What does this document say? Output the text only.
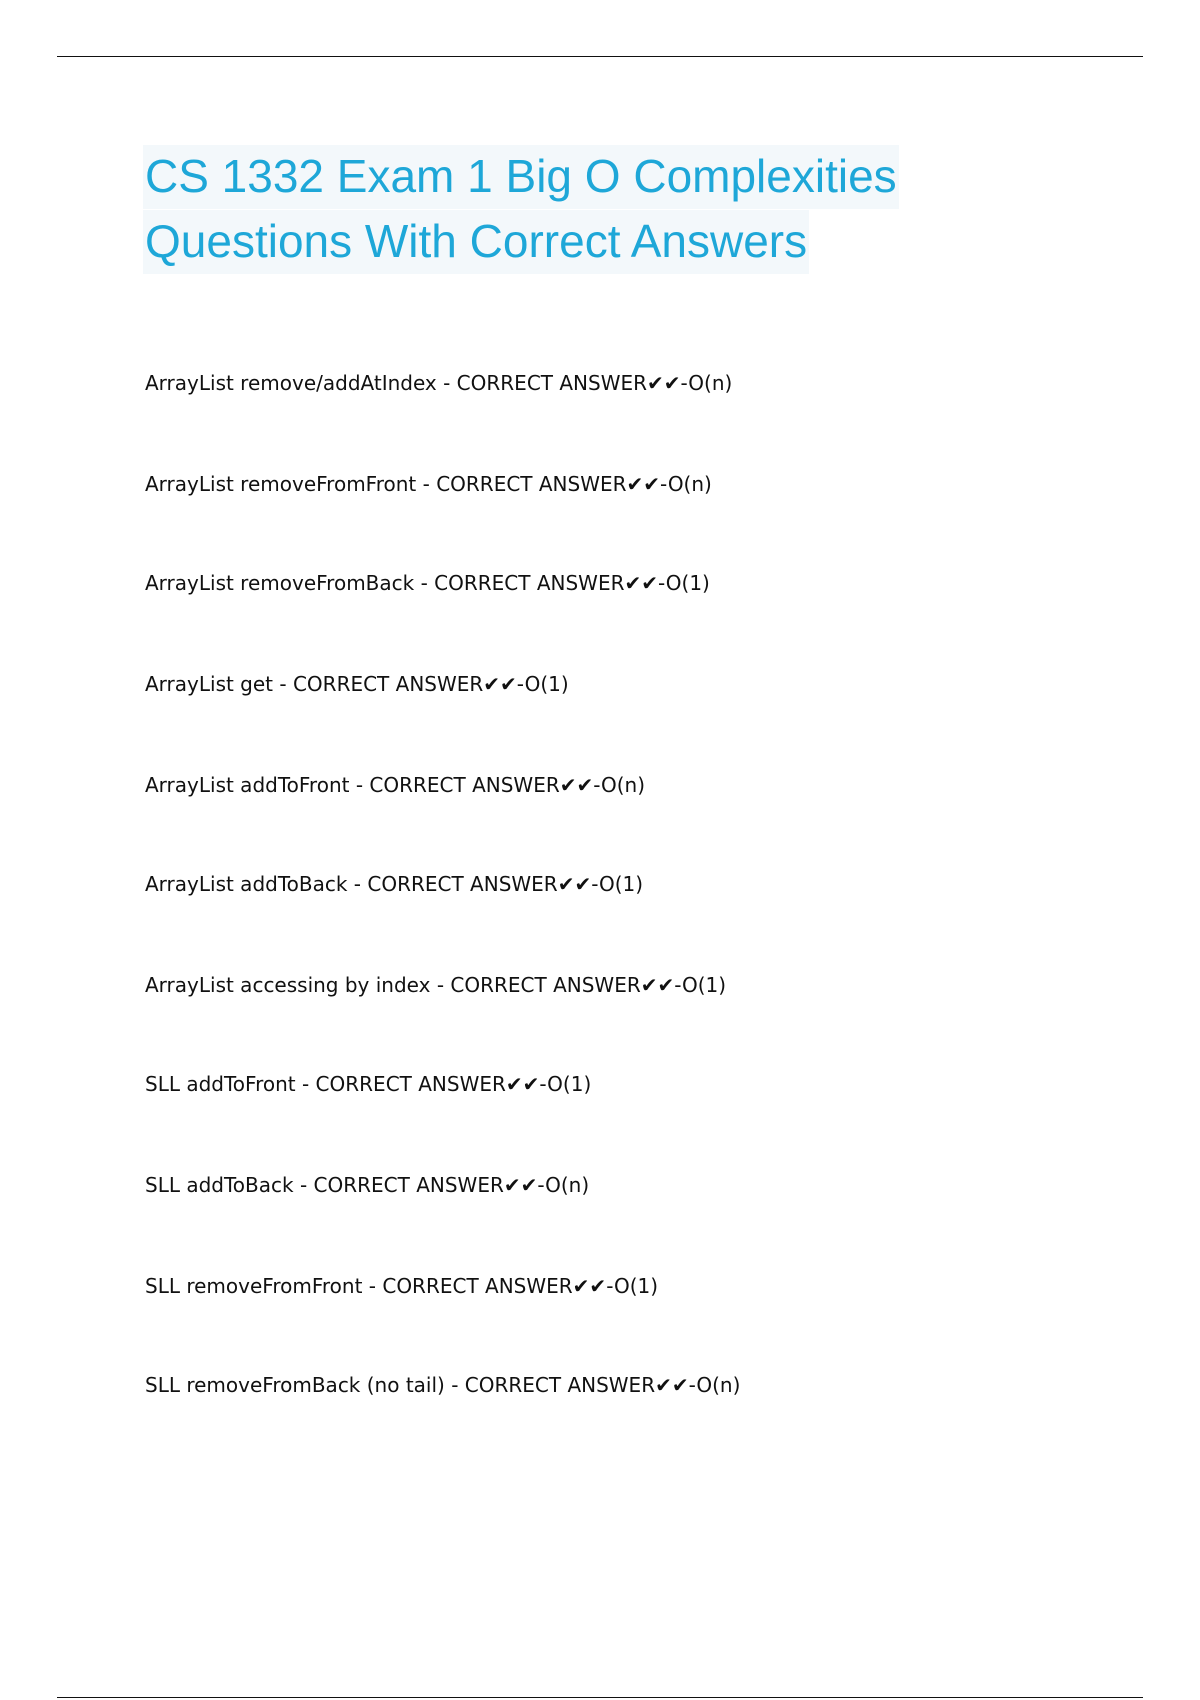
CS 1332 Exam 1 Big O Complexities
Questions With Correct Answers
ArrayList remove/addAtIndex - CORRECT ANSWER✔✔-O(n)
ArrayList removeFromFront - CORRECT ANSWER✔✔-O(n)
ArrayList removeFromBack - CORRECT ANSWER✔✔-O(1)
ArrayList get - CORRECT ANSWER✔✔-O(1)
ArrayList addToFront - CORRECT ANSWER✔✔-O(n)
ArrayList addToBack - CORRECT ANSWER✔✔-O(1)
ArrayList accessing by index - CORRECT ANSWER✔✔-O(1)
SLL addToFront - CORRECT ANSWER✔✔-O(1)
SLL addToBack - CORRECT ANSWER✔✔-O(n)
SLL removeFromFront - CORRECT ANSWER✔✔-O(1)
SLL removeFromBack (no tail) - CORRECT ANSWER✔✔-O(n)
